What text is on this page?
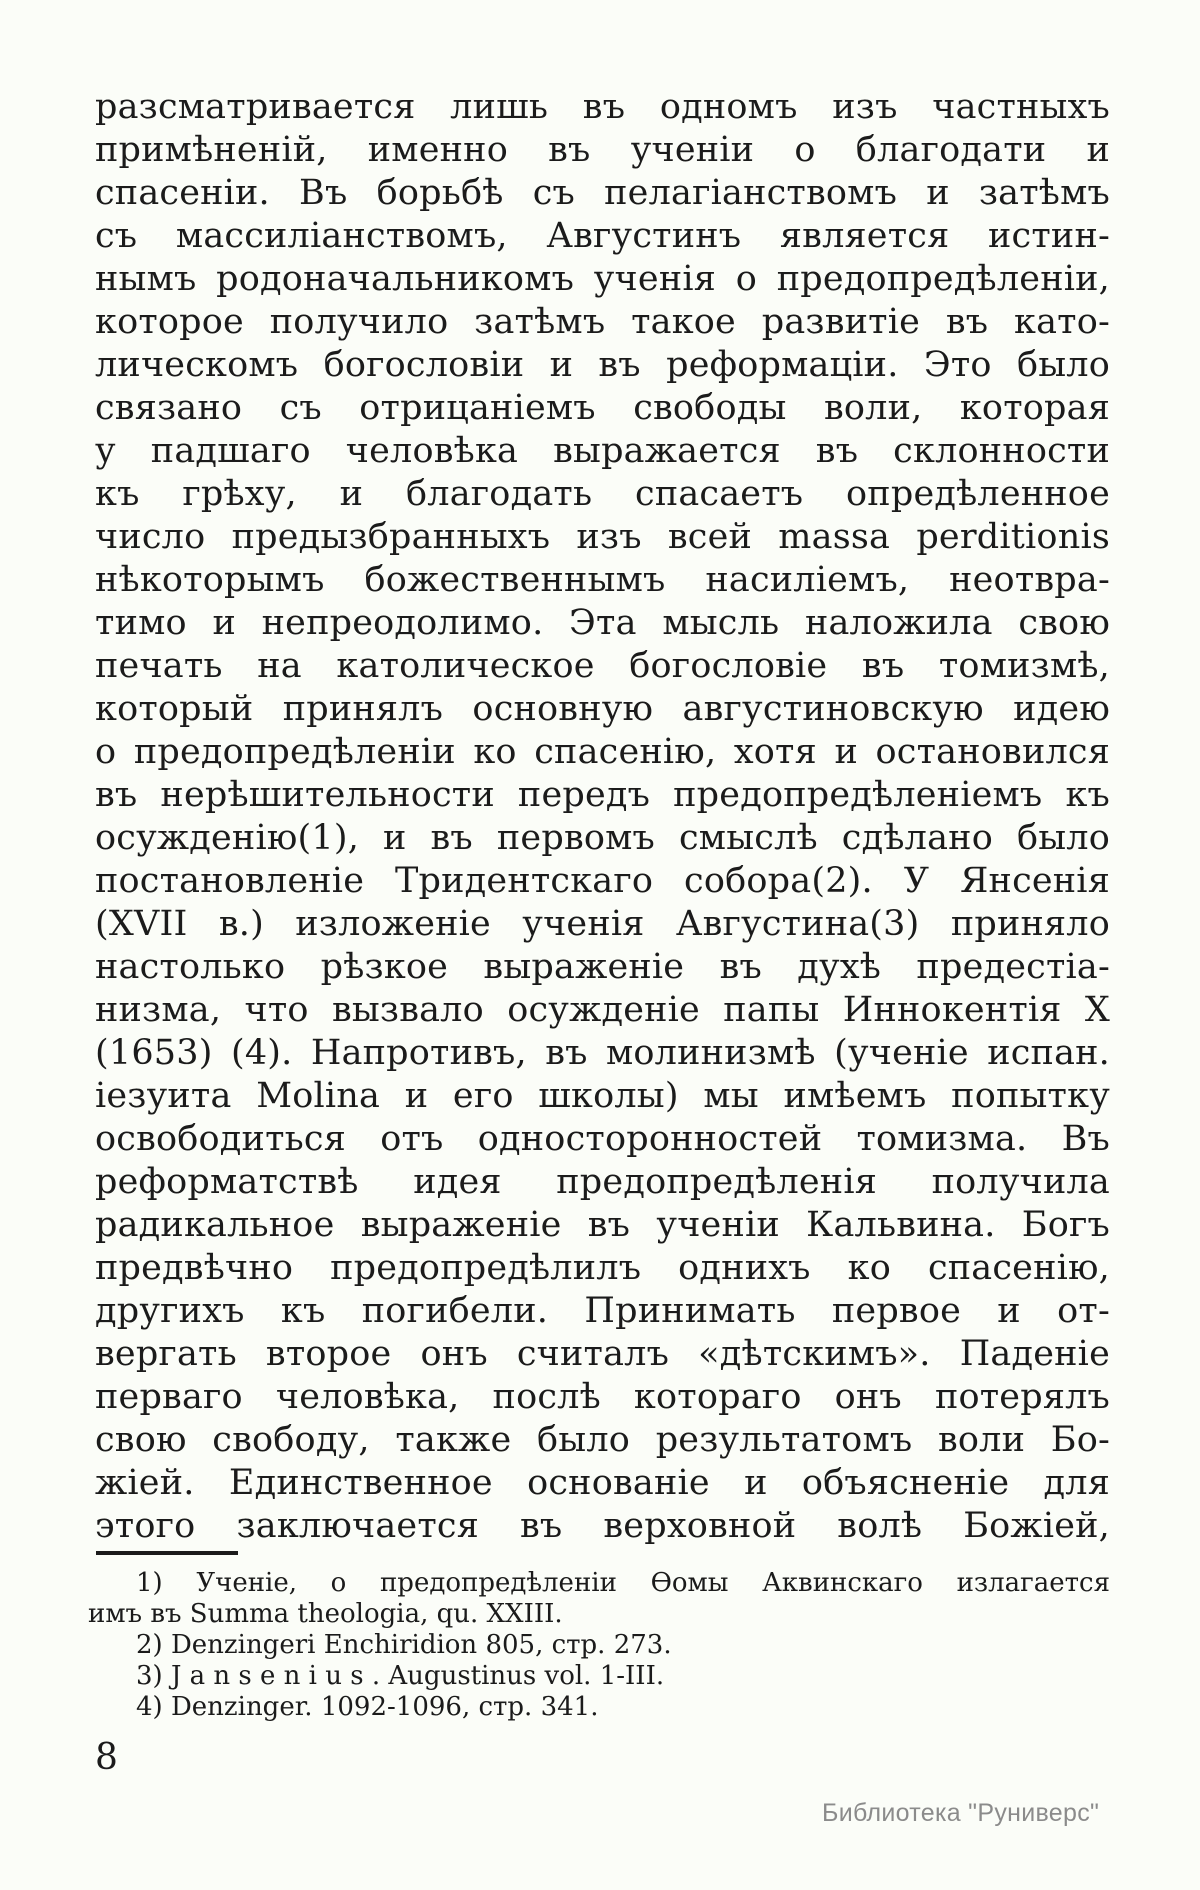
разсматривается лишь въ одномъ изъ частныхъ
примѣненій, именно въ ученіи о благодати и
спасеніи. Въ борьбѣ съ пелагіанствомъ и затѣмъ
съ массиліанствомъ, Августинъ является истин-
нымъ родоначальникомъ ученія о предопредѣленіи,
которое получило затѣмъ такое развитіе въ като-
лическомъ богословіи и въ реформаціи. Это было
связано съ отрицаніемъ свободы воли, которая
у падшаго человѣка выражается въ склонности
къ грѣху, и благодать спасаетъ опредѣленное
число предызбранныхъ изъ всей massa perditionis
нѣкоторымъ божественнымъ насиліемъ, неотвра-
тимо и непреодолимо. Эта мысль наложила свою
печать на католическое богословіе въ томизмѣ,
который принялъ основную августиновскую идею
о предопредѣленіи ко спасенію, хотя и остановился
въ нерѣшительности передъ предопредѣленіемъ къ
осужденію(1), и въ первомъ смыслѣ сдѣлано было
постановленіе Тридентскаго собора(2). У Янсенія
(XVII в.) изложеніе ученія Августина(3) приняло
настолько рѣзкое выраженіе въ духѣ предестіа-
низма, что вызвало осужденіе папы Иннокентія X
(1653) (4). Напротивъ, въ молинизмѣ (ученіе испан.
іезуита Molina и его школы) мы имѣемъ попытку
освободиться отъ односторонностей томизма. Въ
реформатствѣ идея предопредѣленія получила
радикальное выраженіе въ ученіи Кальвина. Богъ
предвѣчно предопредѣлилъ однихъ ко спасенію,
другихъ къ погибели. Принимать первое и от-
вергать второе онъ считалъ «дѣтскимъ». Паденіе
перваго человѣка, послѣ котораго онъ потерялъ
свою свободу, также было результатомъ воли Бо-
жіей. Единственное основаніе и объясненіе для
этого заключается въ верховной волѣ Божіей,
1) Ученіе, о предопредѣленіи Ѳомы Аквинскаго излагается
имъ въ Summa theologia, qu. XXIII.
2) Denzingeri Enchiridion 805, стр. 273.
3) J a n s e n i u s . Augustinus vol. 1-III.
4) Denzinger. 1092-1096, стр. 341.
8
Библиотека "Руниверс"
